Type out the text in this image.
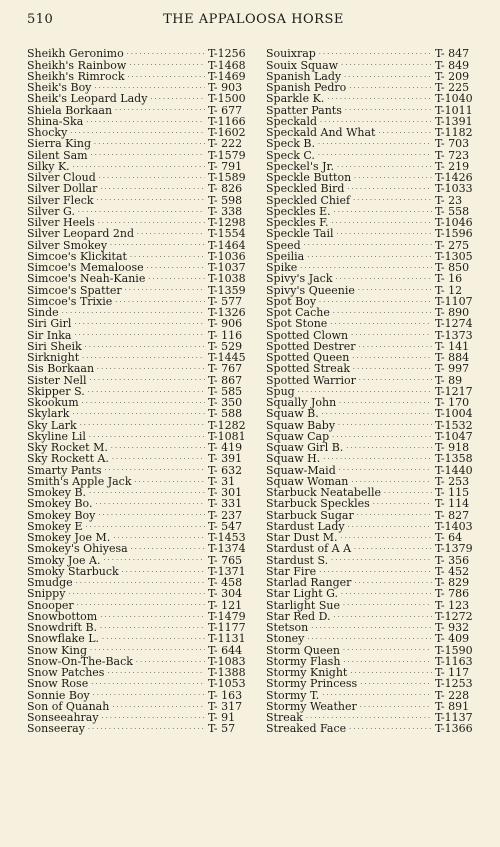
510	THE APPALOOSA HORSE
Sheikh Geronimo . . .	T-1256
Sheikh's Rainbow . . .	T-1468
Sheikh's Rimrock . . .	T-1469
Sheik's Boy . . .	T- 903
Sheik's Leopard Lady . . .	T-1500
Shiela Borkaan . . .	T- 677
Shina-Ska . . .	T-1166
Shocky . . .	T-1602
Sierra King . . .	T- 222
Silent Sam . . .	T-1579
Silky K. . . .	T- 791
Silver Cloud . . .	T-1589
Silver Dollar . . .	T- 826
Silver Fleck . . .	T- 598
Silver G. . . .	T- 338
Silver Heels . . .	T-1298
Silver Leopard 2nd . . .	T-1554
Silver Smokey . . .	T-1464
Simcoe's Klickitat . . .	T-1036
Simcoe's Memaloose . . .	T-1037
Simcoe's Neah-Kanie . . .	T-1038
Simcoe's Spatter . . .	T-1359
Simcoe's Trixie . . .	T- 577
Sinde . . .	T-1326
Siri Girl . . .	T- 906
Sir Inka . . .	T- 116
Siri Sheik . . .	T- 529
Sirknight . . .	T-1445
Sis Borkaan . . .	T- 767
Sister Nell . . .	T- 867
Skipper S. . . .	T- 585
Skookum . . .	T- 350
Skylark . . .	T- 588
Sky Lark . . .	T-1282
Skyline Lil . . .	T-1081
Sky Rocket M. . . .	T- 419
Sky Rockett A. . . .	T- 391
Smarty Pants . . .	T- 632
Smith's Apple Jack . . .	T- 31
Smokey B. . . .	T- 301
Smokey Bo. . . .	T- 331
Smokey Boy . . .	T- 237
Smokey E . . .	T- 547
Smokey Joe M. . . .	T-1453
Smokey's Ohiyesa . . .	T-1374
Smoky Joe A. . . .	T- 765
Smoky Starbuck . . .	T-1371
Smudge . . .	T- 458
Snippy . . .	T- 304
Snooper . . .	T- 121
Snowbottom . . .	T-1479
Snowdrift B. . . .	T-1177
Snowflake L. . . .	T-1131
Snow King . . .	T- 644
Snow-On-The-Back . . .	T-1083
Snow Patches . . .	T-1388
Snow Rose . . .	T-1053
Sonnie Boy . . .	T- 163
Son of Quanah . . .	T- 317
Sonseeahray . . .	T- 91
Sonseeray . . .	T- 57
Souixrap . . .	T- 847
Souix Squaw . . .	T- 849
Spanish Lady . . .	T- 209
Spanish Pedro . . .	T- 225
Sparkle K. . . .	T-1040
Spatter Pants . . .	T-1011
Speckald . . .	T-1391
Speckald And What . . .	T-1182
Speck B. . . .	T- 703
Speck C. . . .	T- 723
Speckel's Jr. . . .	T- 219
Speckle Button . . .	T-1426
Speckled Bird . . .	T-1033
Speckled Chief . . .	T- 23
Speckles E. . . .	T- 558
Speckles F. . . .	T-1046
Speckle Tail . . .	T-1596
Speed . . .	T- 275
Speilia . . .	T-1305
Spike . . .	T- 850
Spivy's Jack . . .	T- 16
Spivy's Queenie . . .	T- 12
Spot Boy . . .	T-1107
Spot Cache . . .	T- 890
Spot Stone . . .	T-1274
Spotted Clown . . .	T-1373
Spotted Destrer . . .	T- 141
Spotted Queen . . .	T- 884
Spotted Streak . . .	T- 997
Spotted Warrior . . .	T- 89
Spug . . .	T-1217
Squally John . . .	T- 170
Squaw B. . . .	T-1004
Squaw Baby . . .	T-1532
Squaw Cap . . .	T-1047
Squaw Girl B. . . .	T- 918
Squaw H. . . .	T-1358
Squaw-Maid . . .	T-1440
Squaw Woman . . .	T- 253
Starbuck Neatabelle . . .	T- 115
Starbuck Speckles . . .	T- 114
Starbuck Sugar . . .	T- 827
Stardust Lady . . .	T-1403
Star Dust M. . . .	T- 64
Stardust of A A . . .	T-1379
Stardust S. . . .	T- 356
Star Fire . . .	T- 452
Starlad Ranger . . .	T- 829
Star Light G. . . .	T- 786
Starlight Sue . . .	T- 123
Star Red D. . . .	T-1272
Stetson . . .	T- 932
Stoney . . .	T- 409
Storm Queen . . .	T-1590
Stormy Flash . . .	T-1163
Stormy Knight . . .	T- 117
Stormy Princess . . .	T-1253
Stormy T. . . .	T- 228
Stormy Weather . . .	T- 891
Streak . . .	T-1137
Streaked Face . . .	T-1366
